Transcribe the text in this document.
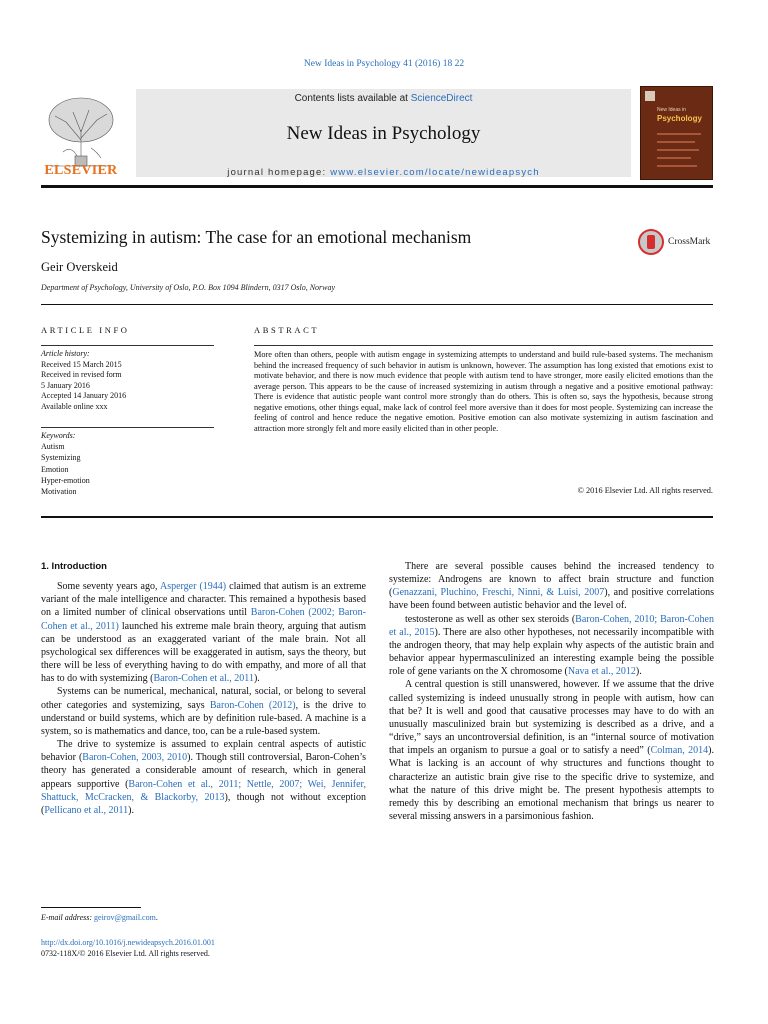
New Ideas in Psychology 41 (2016) 18 22
ELSEVIER
Contents lists available at ScienceDirect
New Ideas in Psychology
journal homepage: www.elsevier.com/locate/newideapsych
New Ideas in
Psychology
Systemizing in autism: The case for an emotional mechanism	CrossMark
Geir Overskeid
Department of Psychology, University of Oslo, P.O. Box 1094 Blindern, 0317 Oslo, Norway
ARTICLE INFO	ABSTRACT
Article history:
Received 15 March 2015
Received in revised form
5 January 2016
Accepted 14 January 2016
Available online xxx
Keywords:
Autism
Systemizing
Emotion
Hyper-emotion
Motivation
More often than others, people with autism engage in systemizing attempts to understand and build rule-based systems. The mechanism behind the increased frequency of such behavior in autism is unknown, however. The assumption has long existed that emotions exist to motivate behavior, and there is now much evidence that people with autism tend to have stronger, more easily elicited emotions than the average person. This appears to be the cause of increased systemizing in autism through a negative and a positive emotional pathway: There is evidence that autistic people want control more strongly than do others. This is often so, says the hypothesis, because strong negative emotions, other things equal, make lack of control feel more aversive than it does for most people. Systemizing can increase the feeling of control and hence reduce the negative emotion. Positive emotion can also motivate systemizing in autism fascination and attraction more strongly felt and more easily elicited than in other people.
© 2016 Elsevier Ltd. All rights reserved.
1. Introduction

Some seventy years ago, Asperger (1944) claimed that autism is an extreme variant of the male intelligence and character. This remained a hypothesis based on a limited number of clinical observations until Baron-Cohen (2002; Baron-Cohen et al., 2011) launched his extreme male brain theory, arguing that autism can be understood as an exaggerated variant of the male brain. Not all psychological sex differences will be exaggerated in autism, says the theory, but there will be less of everything having to do with empathy, and more of all that has to do with systemizing (Baron-Cohen et al., 2011).

Systems can be numerical, mechanical, natural, social, or belong to several other categories and systemizing, says Baron-Cohen (2012), is the drive to understand or build systems, which are by definition rule-based. A machine is a system, so is mathematics and dance, too, can be a rule-based system.

The drive to systemize is assumed to explain central aspects of autistic behavior (Baron-Cohen, 2003, 2010). Though still controversial, Baron-Cohen’s theory has generated a considerable amount of research, which in general appears supportive (Baron-Cohen et al., 2011; Nettle, 2007; Wei, Jennifer, Shattuck, McCracken, & Blackorby, 2013), though not without exception (Pellicano et al., 2011).

There are several possible causes behind the increased tendency to systemize: Androgens are known to affect brain structure and function (Genazzani, Pluchino, Freschi, Ninni, & Luisi, 2007), and positive correlations have been found between autistic behavior and the level of.

testosterone as well as other sex steroids (Baron-Cohen, 2010; Baron-Cohen et al., 2015). There are also other hypotheses, not necessarily incompatible with the androgen theory, that may help explain why aspects of the autistic brain and behavior appear hypermasculinized an interesting example being the possible role of gene variants on the X chromosome (Nava et al., 2012).

A central question is still unanswered, however. If we assume that the drive called systemizing is indeed unusually strong in people with autism, how can that be? It is well and good that causative processes may have to do with an unusually masculinized brain but systemizing is described as a drive, and a “drive,” says an uncontroversial definition, is an “internal source of motivation that impels an organism to pursue a goal or to satisfy a need” (Colman, 2014). What is lacking is an account of why structures and functions thought to characterize an autistic brain give rise to the specific drive to systemize, and what the nature of this drive might be. The present hypothesis attempts to remedy this by describing an emotional mechanism that brings us nearer to several missing answers in a parsimonious fashion.

E-mail address: geirov@gmail.com.
http://dx.doi.org/10.1016/j.newideapsych.2016.01.001
0732-118X/© 2016 Elsevier Ltd. All rights reserved.
